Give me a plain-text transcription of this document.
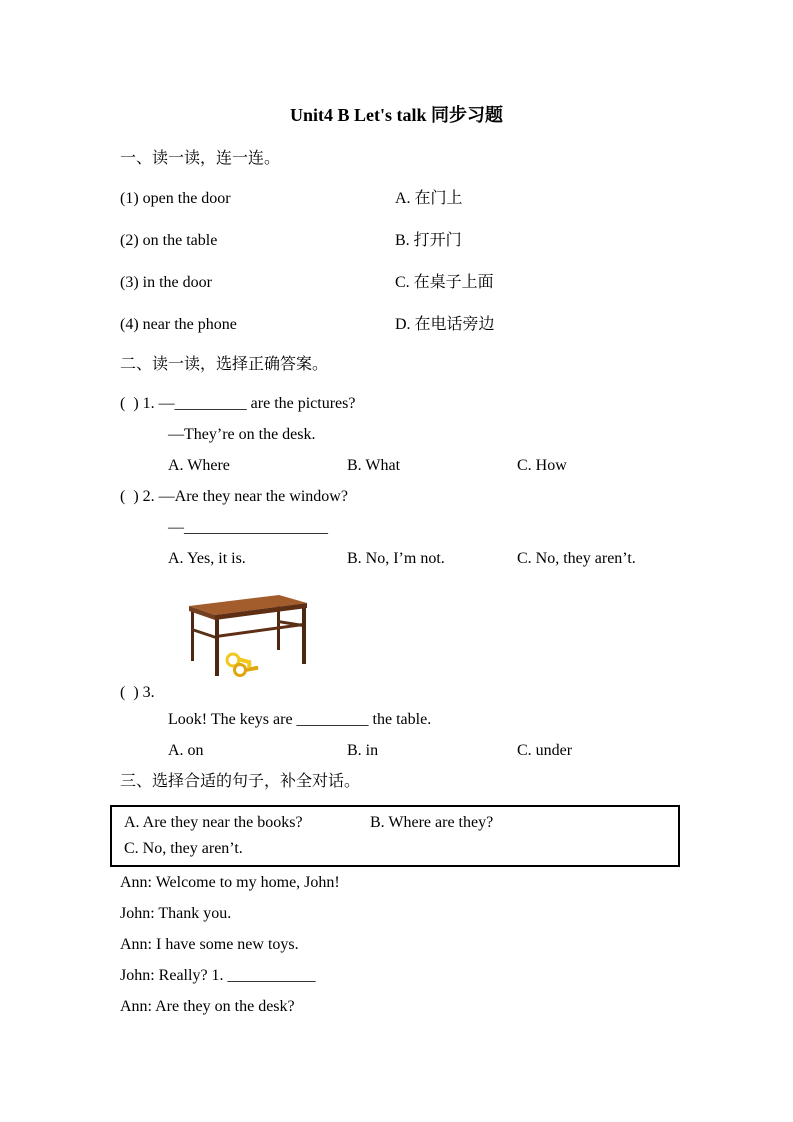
Unit4 B Let's talk 同步习题
一、读一读，连一连。
(1) open the door	A. 在门上
(2) on the table	B. 打开门
(3) in the door	C. 在桌子上面
(4) near the phone	D. 在电话旁边
二、读一读，选择正确答案。
(  ) 1. —_________ are the pictures?
—They’re on the desk.
A. Where	B. What	C. How
(  ) 2. —Are they near the window?
—__________________
A. Yes, it is.	B. No, I’m not.	C. No, they aren’t.
(  ) 3.
Look! The keys are _________ the table.
A. on	B. in	C. under
三、选择合适的句子，补全对话。
A. Are they near the books?	B. Where are they?
C. No, they aren’t.
Ann: Welcome to my home, John!
John: Thank you.
Ann: I have some new toys.
John: Really? 1. ___________
Ann: Are they on the desk?
